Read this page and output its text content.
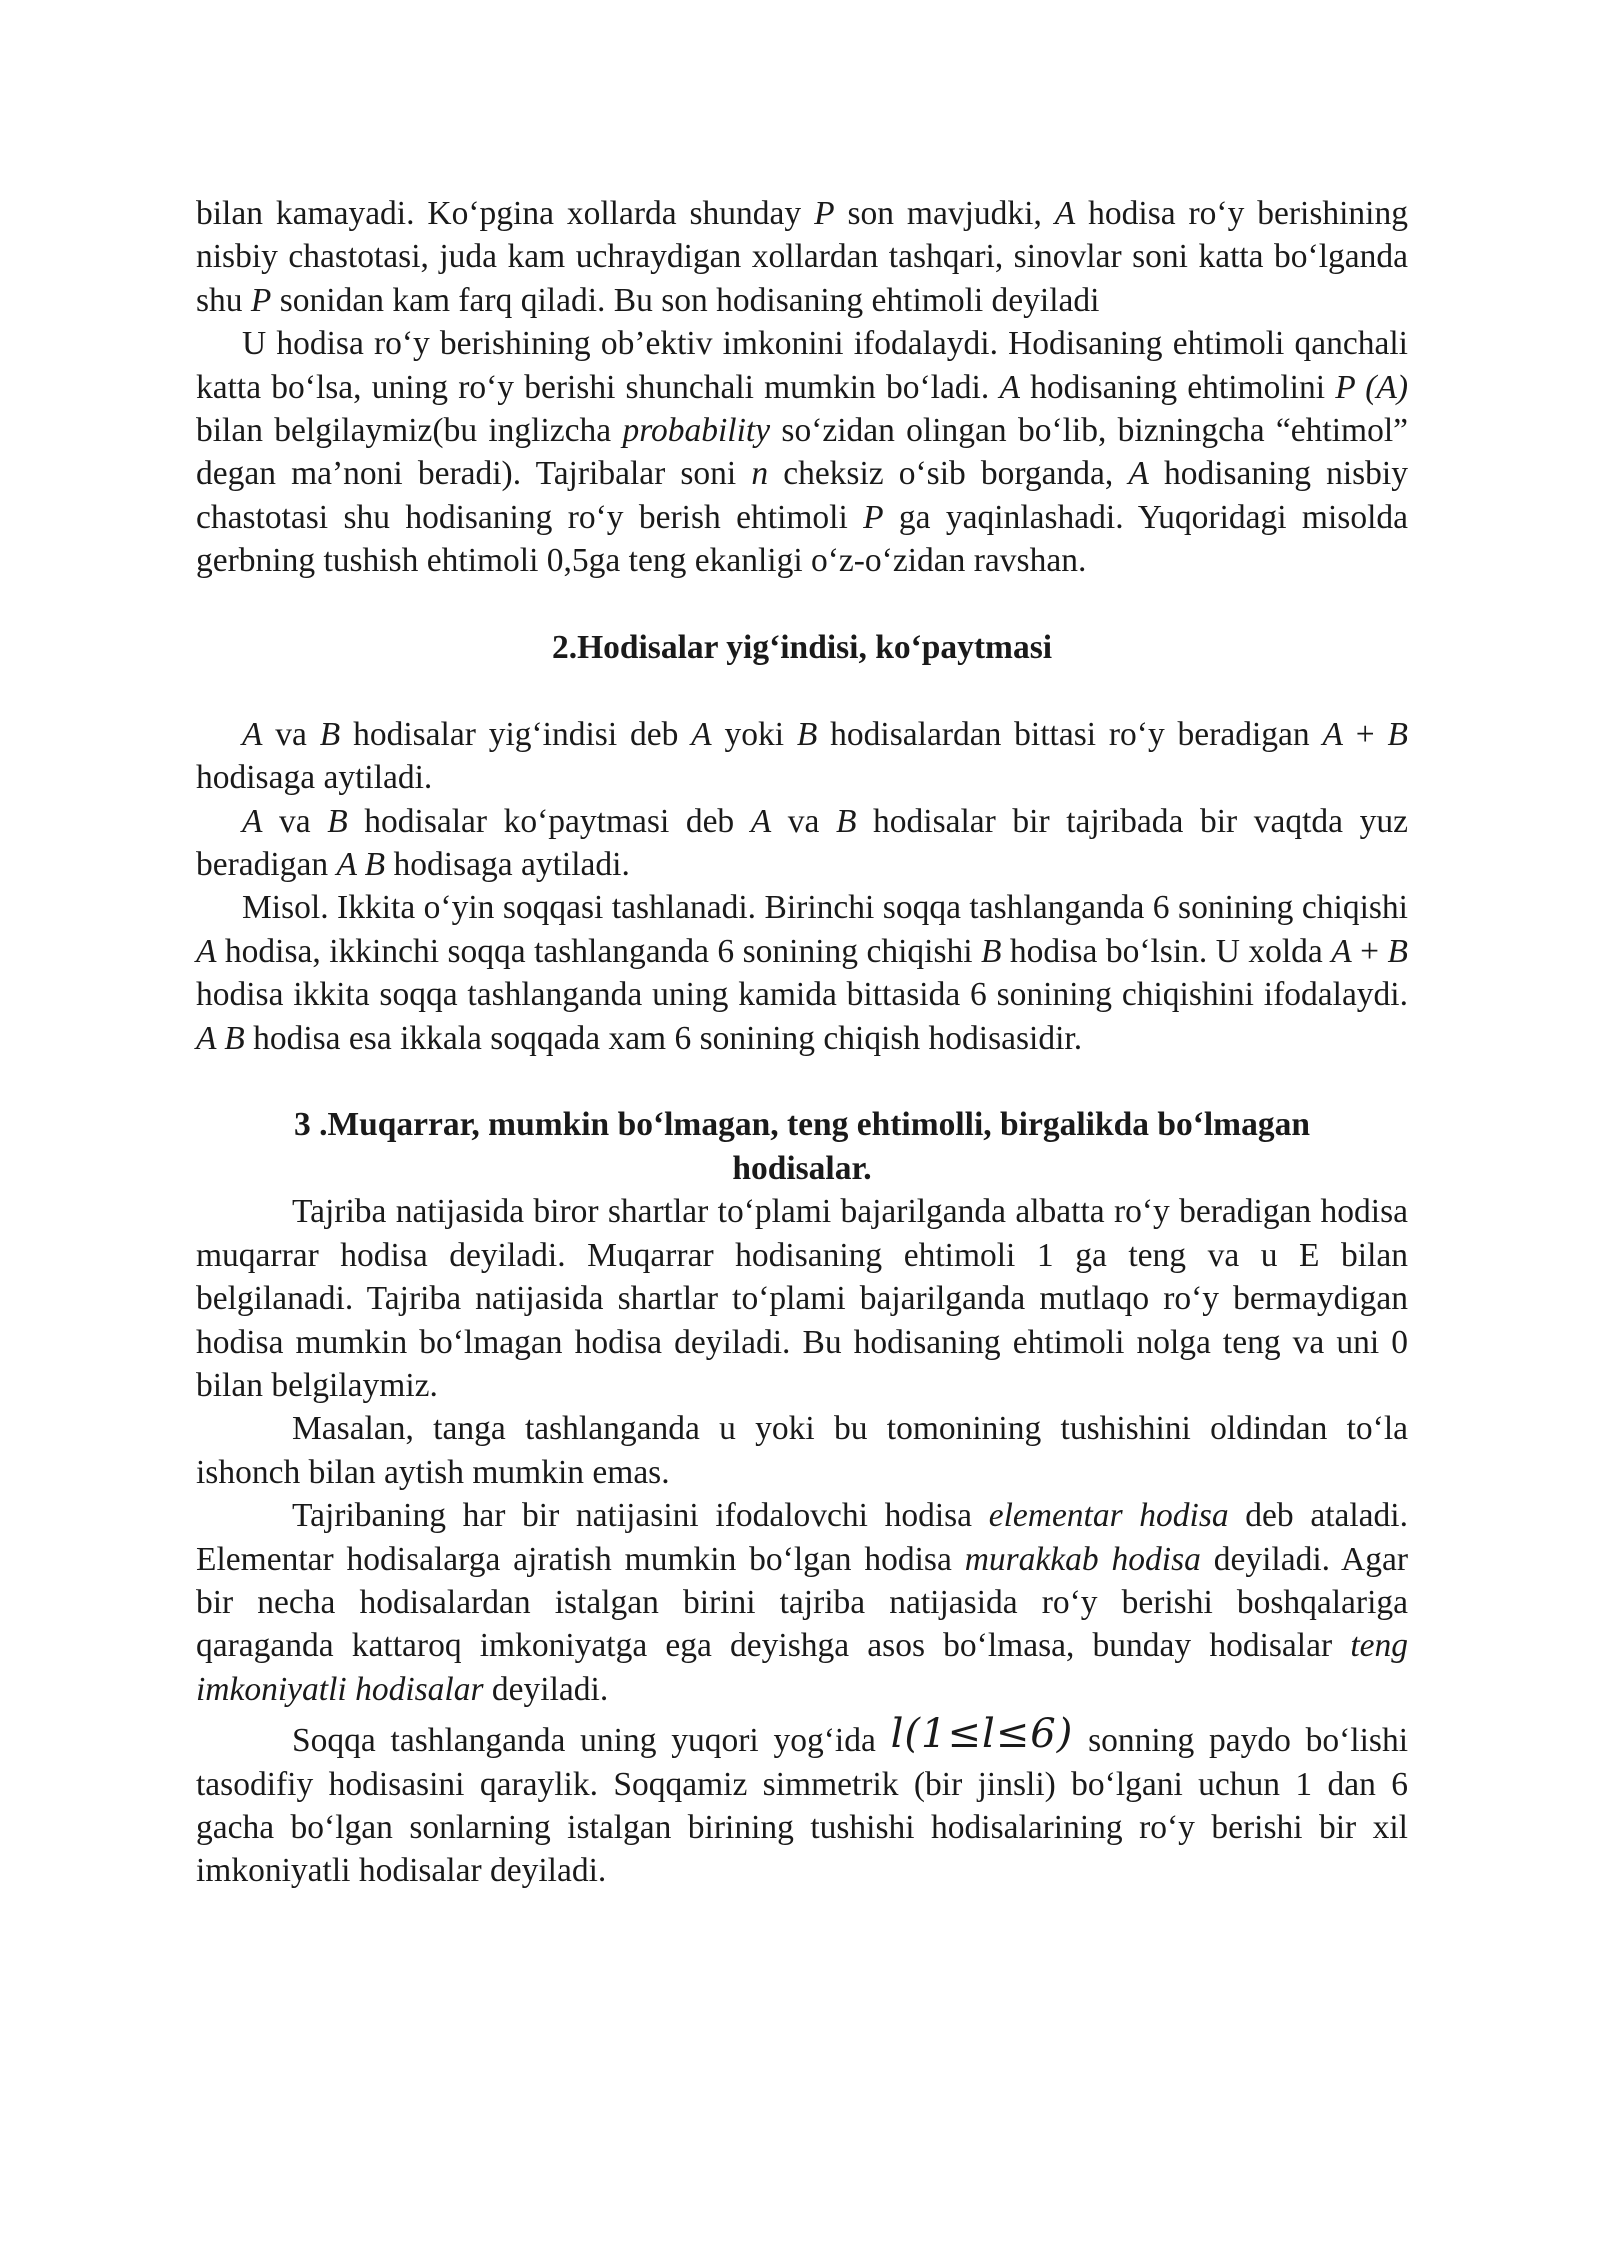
bilan kamayadi. Ko‘pgina xollarda shunday P son mavjudki, A hodisa ro‘y berishining nisbiy chastotasi, juda kam uchraydigan xollardan tashqari, sinovlar soni katta bo‘lganda shu P sonidan kam farq qiladi. Bu son hodisaning ehtimoli deyiladi

U hodisa ro‘y berishining ob’ektiv imkonini ifodalaydi. Hodisaning ehtimoli qanchali katta bo‘lsa, uning ro‘y berishi shunchali mumkin bo‘ladi. A hodisaning ehtimolini P (A) bilan belgilaymiz(bu inglizcha probability so‘zidan olingan bo‘lib, bizningcha “ehtimol” degan ma’noni beradi). Tajribalar soni n cheksiz o‘sib borganda, A hodisaning nisbiy chastotasi shu hodisaning ro‘y berish ehtimoli P ga yaqinlashadi. Yuqoridagi misolda gerbning tushish ehtimoli 0,5ga teng ekanligi o‘z-o‘zidan ravshan.

2.Hodisalar yig‘indisi, ko‘paytmasi

A va B hodisalar yig‘indisi deb A yoki B hodisalardan bittasi ro‘y beradigan A + B hodisaga aytiladi.

A va B hodisalar ko‘paytmasi deb A va B hodisalar bir tajribada bir vaqtda yuz beradigan A B hodisaga aytiladi.

Misol. Ikkita o‘yin soqqasi tashlanadi. Birinchi soqqa tashlanganda 6 sonining chiqishi A hodisa, ikkinchi soqqa tashlanganda 6 sonining chiqishi B hodisa bo‘lsin. U xolda A + B hodisa ikkita soqqa tashlanganda uning kamida bittasida 6 sonining chiqishini ifodalaydi. A B hodisa esa ikkala soqqada xam 6 sonining chiqish hodisasidir.

3 .Muqarrar, mumkin bo‘lmagan, teng ehtimolli, birgalikda bo‘lmagan
hodisalar.

Tajriba natijasida biror shartlar to‘plami bajarilganda albatta ro‘y beradigan hodisa muqarrar hodisa deyiladi. Muqarrar hodisaning ehtimoli 1 ga teng va u E bilan belgilanadi. Tajriba natijasida shartlar to‘plami bajarilganda mutlaqo ro‘y bermaydigan hodisa mumkin bo‘lmagan hodisa deyiladi. Bu hodisaning ehtimoli nolga teng va uni 0 bilan belgilaymiz.

Masalan, tanga tashlanganda u yoki bu tomonining tushishini oldindan to‘la ishonch bilan aytish mumkin emas.

Tajribaning har bir natijasini ifodalovchi hodisa elementar hodisa deb ataladi. Elementar hodisalarga ajratish mumkin bo‘lgan hodisa murakkab hodisa deyiladi. Agar bir necha hodisalardan istalgan birini tajriba natijasida ro‘y berishi boshqalariga qaraganda kattaroq imkoniyatga ega deyishga asos bo‘lmasa, bunday hodisalar teng imkoniyatli hodisalar deyiladi.

Soqqa tashlanganda uning yuqori yog‘ida l(1≤l≤6) sonning paydo bo‘lishi tasodifiy hodisasini qaraylik. Soqqamiz simmetrik (bir jinsli) bo‘lgani uchun 1 dan 6 gacha bo‘lgan sonlarning istalgan birining tushishi hodisalarining ro‘y berishi bir xil imkoniyatli hodisalar deyiladi.
